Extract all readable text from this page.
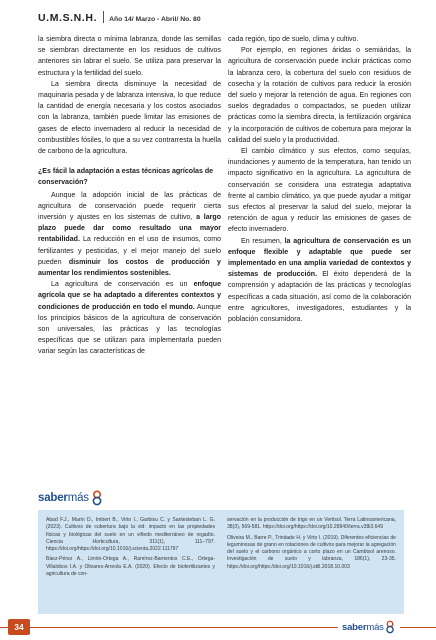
U.M.S.N.H. Año 14/ Marzo - Abril/ No. 80

la siembra directa o mínima labranza, donde las semillas se siembran directamente en los residuos de cultivos anteriores sin labrar el suelo. Se utiliza para preservar la estructura y la fertilidad del suelo.

La siembra directa disminuye la necesidad de maquinaria pesada y de labranza intensiva, lo que reduce la cantidad de energía necesaria y los costos asociados con la labranza, también puede limitar las emisiones de gases de efecto invernadero al reducir la necesidad de combustibles fósiles, lo que a su vez contrarresta la huella de carbono de la agricultura.

¿Es fácil la adaptación a estas técnicas agrícolas de conservación?

Aunque la adopción inicial de las prácticas de agricultura de conservación puede requerir cierta inversión y ajustes en los sistemas de cultivo, a largo plazo puede dar como resultado una mayor rentabilidad. La reducción en el uso de insumos, como fertilizantes y pesticidas, y el mejor manejo del suelo pueden disminuir los costos de producción y aumentar los rendimientos sostenibles.

La agricultura de conservación es un enfoque agrícola que se ha adaptado a diferentes contextos y condiciones de producción en todo el mundo. Aunque los principios básicos de la agricultura de conservación son universales, las prácticas y las tecnologías específicas que se utilizan para implementarla pueden variar según las características de

cada región, tipo de suelo, clima y cultivo.

Por ejemplo, en regiones áridas o semiáridas, la agricultura de conservación puede incluir prácticas como la labranza cero, la cobertura del suelo con residuos de cosecha y la rotación de cultivos para reducir la erosión del suelo y mejorar la retención de agua. En regiones con suelos degradados o compactados, se pueden utilizar prácticas como la siembra directa, la fertilización orgánica y la incorporación de cultivos de cobertura para mejorar la calidad del suelo y la productividad.

El cambio climático y sus efectos, como sequías, inundaciones y aumento de la temperatura, han tenido un impacto significativo en la agricultura. La agricultura de conservación se considera una estrategia adaptativa frente al cambio climático, ya que puede ayudar a mitigar sus efectos al preservar la salud del suelo, mejorar la retención de agua y reducir las emisiones de gases de efecto invernadero.

En resumen, la agricultura de conservación es un enfoque flexible y adaptable que puede ser implementado en una amplia variedad de contextos y sistemas de producción. El éxito dependerá de la comprensión y adaptación de las prácticas y tecnologías específicas a cada situación, así como de la colaboración entre agricultores, investigadores, estudiantes y la población consumidora.

sabermás

Abad F.J., Marín D., Imbert B., Virto I., Garbisu C. y Santesteban L. G. (2023). Cultivos de cobertura bajo la vid: impacto en las propiedades físicas y biológicas del suelo en un viñedo mediterráneo de regadío. Ciencia Horticultura, 311(1), 111–797. https://doi.org/https://doi.org/10.1016/j.scienta.2022.111797

Báez-Pérez A., Limón-Ortega A., Ramírez-Barrientos C.E., Ortega-Villalobos I.A. y Olivares-Arreola E.A. (2020). Efecto de biofertilizantes y agricultura de con-

servación en la producción de trigo en un Vertisol. Terra Latinoamericana, 38(3), 569-581. https://doi.org/https://doi.org/10.28940/terra.v38i3.649

Oliveira M., Barre P., Trindade H. y Virto I. (2019). Diferentes eficiencias de leguminosas de grano en rotaciones de cultivos para mejorar la agregación del suelo y el carbono orgánico a corto plazo en un Cambisol arenoso. Investigación de suelo y labranza, 186(1), 23-35. https://doi.org/https://doi.org/10.1016/j.still.2018.10.003

34	sabermás
